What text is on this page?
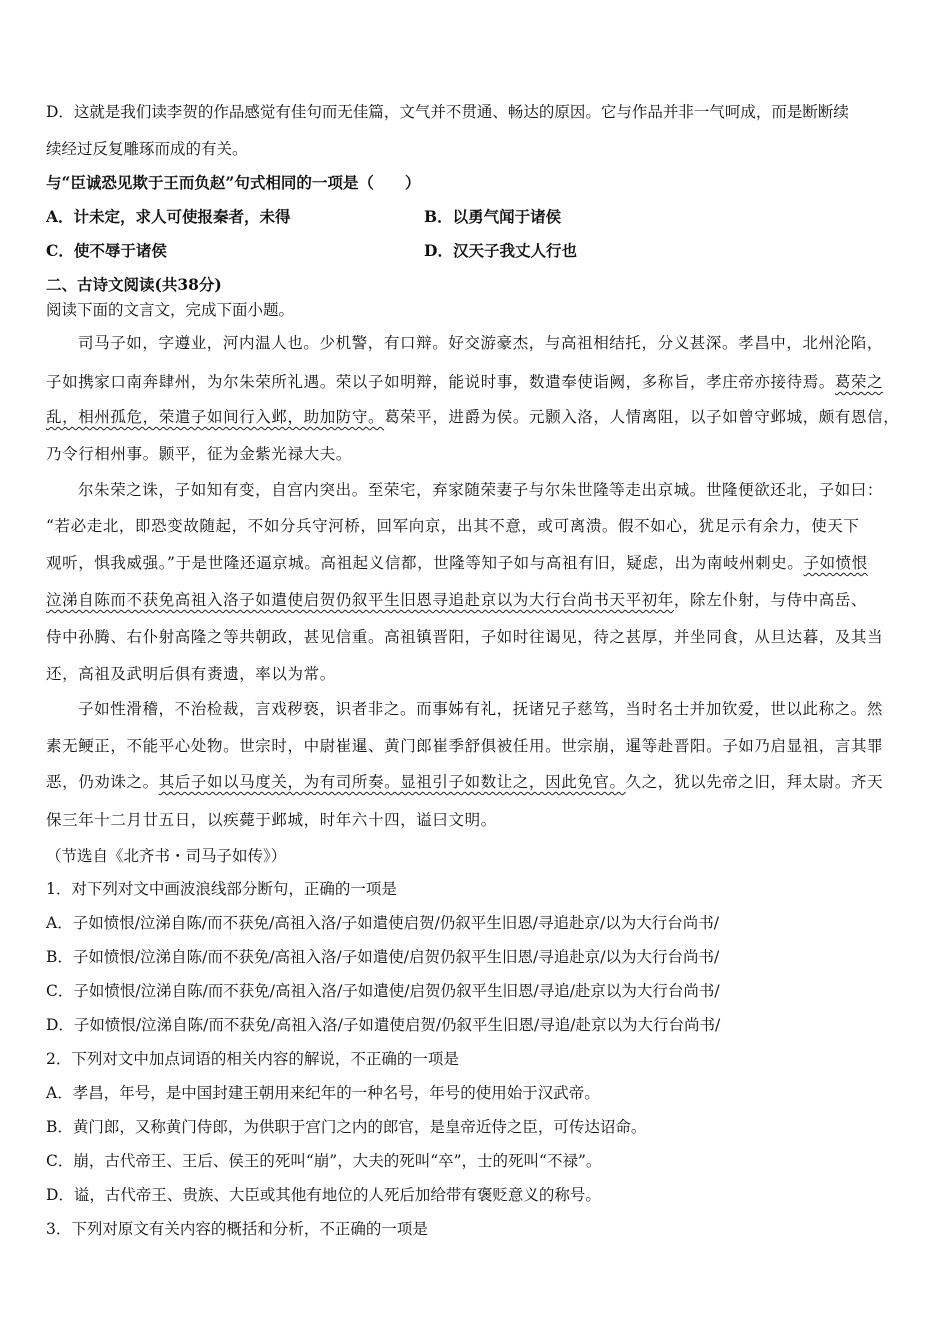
D．这就是我们读李贺的作品感觉有佳句而无佳篇，文气并不贯通、畅达的原因。它与作品并非一气呵成，而是断断续
续经过反复雕琢而成的有关。
与“臣诚恐见欺于王而负赵”句式相同的一项是（　　）
A．计未定，求人可使报秦者，未得	B．以勇气闻于诸侯
C．使不辱于诸侯	D．汉天子我丈人行也
二、古诗文阅读(共38分)
阅读下面的文言文，完成下面小题。
司马子如，字遵业，河内温人也。少机警，有口辩。好交游豪杰，与高祖相结托，分义甚深。孝昌中，北州沦陷，
子如携家口南奔肆州，为尔朱荣所礼遇。荣以子如明辩，能说时事，数遣奉使诣阙，多称旨，孝庄帝亦接待焉。葛荣之
乱，相州孤危，荣遣子如间行入邺，助加防守。葛荣平，进爵为侯。元颢入洛，人情离阻，以子如曾守邺城，颇有恩信，
乃令行相州事。颢平，征为金紫光禄大夫。
尔朱荣之诛，子如知有变，自宫内突出。至荣宅，弃家随荣妻子与尔朱世隆等走出京城。世隆便欲还北，子如曰：
“若必走北，即恐变故随起，不如分兵守河桥，回军向京，出其不意，或可离溃。假不如心，犹足示有余力，使天下
观听，惧我威强。”于是世隆还逼京城。高祖起义信都，世隆等知子如与高祖有旧，疑虑，出为南岐州刺史。子如愤恨
泣涕自陈而不获免高祖入洛子如遣使启贺仍叙平生旧恩寻追赴京以为大行台尚书天平初年，除左仆射，与侍中高岳、
侍中孙腾、右仆射高隆之等共朝政，甚见信重。高祖镇晋阳，子如时往谒见，待之甚厚，并坐同食，从旦达暮，及其当
还，高祖及武明后俱有赉遗，率以为常。
子如性滑稽，不治检裁，言戏秽亵，识者非之。而事姊有礼，抚诸兄子慈笃，当时名士并加钦爱，世以此称之。然
素无鲠正，不能平心处物。世宗时，中尉崔暹、黄门郎崔季舒俱被任用。世宗崩，暹等赴晋阳。子如乃启显祖，言其罪
恶，仍劝诛之。其后子如以马度关，为有司所奏。显祖引子如数让之，因此免官。久之，犹以先帝之旧，拜太尉。齐天
保三年十二月廿五日，以疾薨于邺城，时年六十四，谥曰文明。
（节选自《北齐书・司马子如传》）
1．对下列对文中画波浪线部分断句，正确的一项是
A．子如愤恨/泣涕自陈/而不获免/高祖入洛/子如遣使启贺/仍叙平生旧恩/寻追赴京/以为大行台尚书/
B．子如愤恨/泣涕自陈/而不获免/高祖入洛/子如遣使/启贺仍叙平生旧恩/寻追赴京/以为大行台尚书/
C．子如愤恨/泣涕自陈/而不获免/高祖入洛/子如遣使/启贺仍叙平生旧恩/寻追/赴京以为大行台尚书/
D．子如愤恨/泣涕自陈/而不获免/高祖入洛/子如遣使启贺/仍叙平生旧恩/寻追/赴京以为大行台尚书/
2．下列对文中加点词语的相关内容的解说，不正确的一项是
A．孝昌，年号，是中国封建王朝用来纪年的一种名号，年号的使用始于汉武帝。
B．黄门郎，又称黄门侍郎，为供职于宫门之内的郎官，是皇帝近侍之臣，可传达诏命。
C．崩，古代帝王、王后、侯王的死叫“崩”，大夫的死叫“卒”，士的死叫“不禄”。
D．谥，古代帝王、贵族、大臣或其他有地位的人死后加给带有褒贬意义的称号。
3．下列对原文有关内容的概括和分析，不正确的一项是
